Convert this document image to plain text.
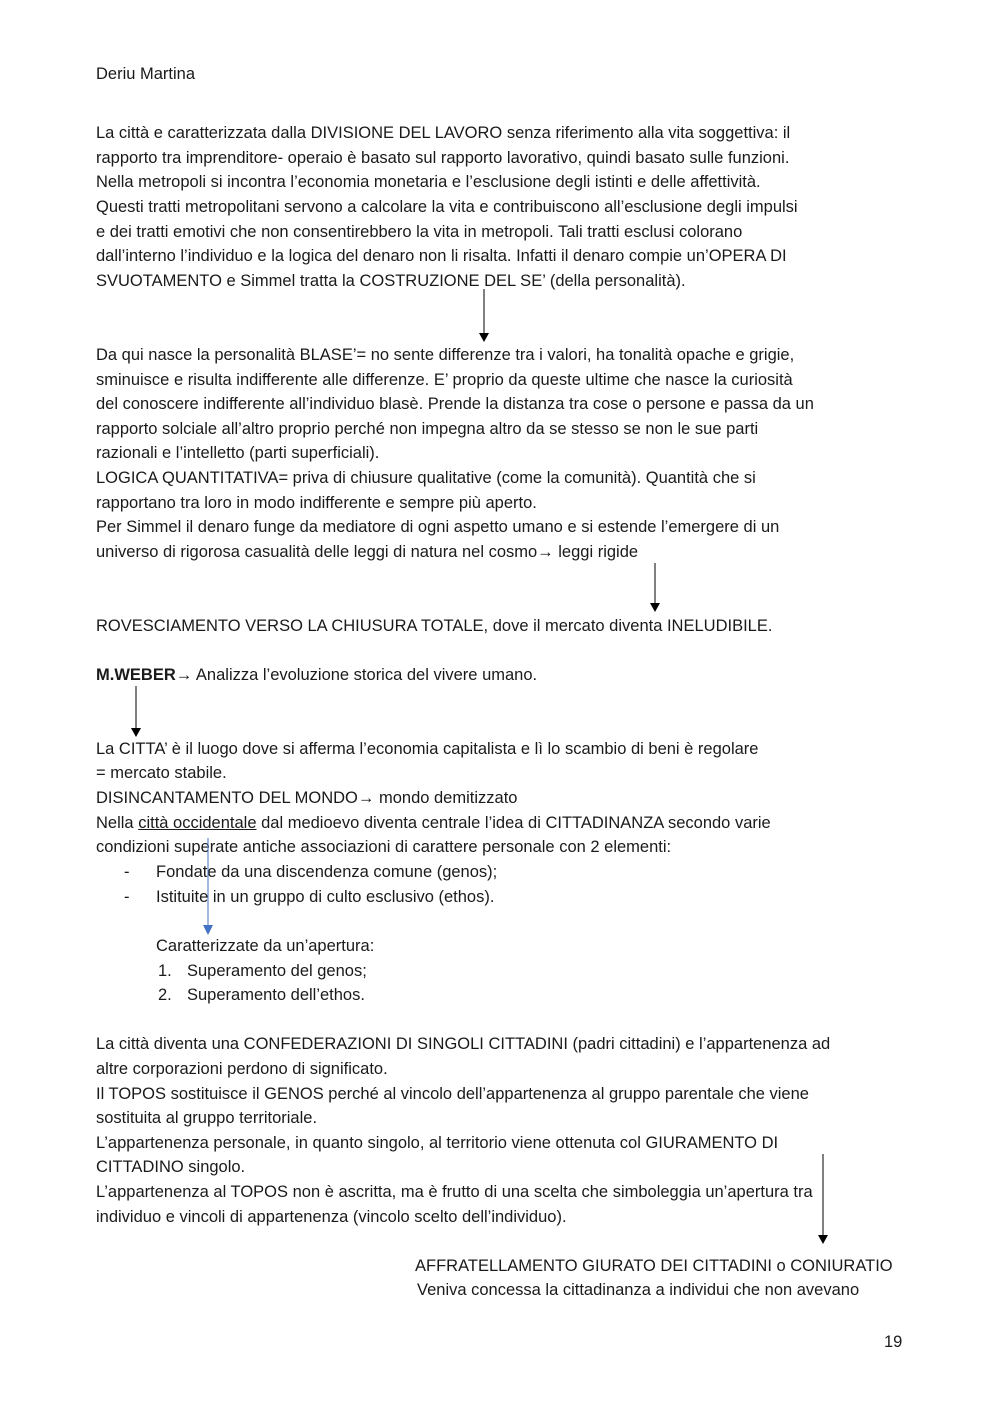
Deriu Martina
La città e caratterizzata dalla DIVISIONE DEL LAVORO senza riferimento alla vita soggettiva: il
rapporto tra imprenditore- operaio è basato sul rapporto lavorativo, quindi basato sulle funzioni.
Nella metropoli si incontra l’economia monetaria e l’esclusione degli istinti e delle affettività.
Questi tratti metropolitani servono a calcolare la vita e contribuiscono all’esclusione degli impulsi
e dei tratti emotivi che non consentirebbero la vita in metropoli. Tali tratti esclusi colorano
dall’interno l’individuo e la logica del denaro non li risalta. Infatti il denaro compie un’OPERA DI
SVUOTAMENTO e Simmel tratta la COSTRUZIONE DEL SE’ (della personalità).
Da qui nasce la personalità BLASE’= no sente differenze tra i valori, ha tonalità opache e grigie,
sminuisce e risulta indifferente alle differenze. E’ proprio da queste ultime che nasce la curiosità
del conoscere indifferente all’individuo blasè. Prende la distanza tra cose o persone e passa da un
rapporto solciale all’altro proprio perché non impegna altro da se stesso se non le sue parti
razionali e l’intelletto (parti superficiali).
LOGICA QUANTITATIVA= priva di chiusure qualitative (come la comunità). Quantità che si
rapportano tra loro in modo indifferente e sempre più aperto.
Per Simmel il denaro funge da mediatore di ogni aspetto umano e si estende l’emergere di un
universo di rigorosa casualità delle leggi di natura nel cosmo→ leggi rigide
ROVESCIAMENTO VERSO LA CHIUSURA TOTALE, dove il mercato diventa INELUDIBILE.
M.WEBER→ Analizza l’evoluzione storica del vivere umano.
La CITTA’ è il luogo dove si afferma l’economia capitalista e lì lo scambio di beni è regolare
= mercato stabile.
DISINCANTAMENTO DEL MONDO→ mondo demitizzato
Nella città occidentale dal medioevo diventa centrale l’idea di CITTADINANZA secondo varie
condizioni superate antiche associazioni di carattere personale con 2 elementi:
- Fondate da una discendenza comune (genos);
- Istituite in un gruppo di culto esclusivo (ethos).
Caratterizzate da un’apertura:
1. Superamento del genos;
2. Superamento dell’ethos.
La città diventa una CONFEDERAZIONI DI SINGOLI CITTADINI (padri cittadini) e l’appartenenza ad
altre corporazioni perdono di significato.
Il TOPOS sostituisce il GENOS perché al vincolo dell’appartenenza al gruppo parentale che viene
sostituita al gruppo territoriale.
L’appartenenza personale, in quanto singolo, al territorio viene ottenuta col GIURAMENTO DI
CITTADINO singolo.
L’appartenenza al TOPOS non è ascritta, ma è frutto di una scelta che simboleggia un’apertura tra
individuo e vincoli di appartenenza (vincolo scelto dell’individuo).
AFFRATELLAMENTO GIURATO DEI CITTADINI o CONIURATIO
Veniva concessa la cittadinanza a individui che non avevano
19
